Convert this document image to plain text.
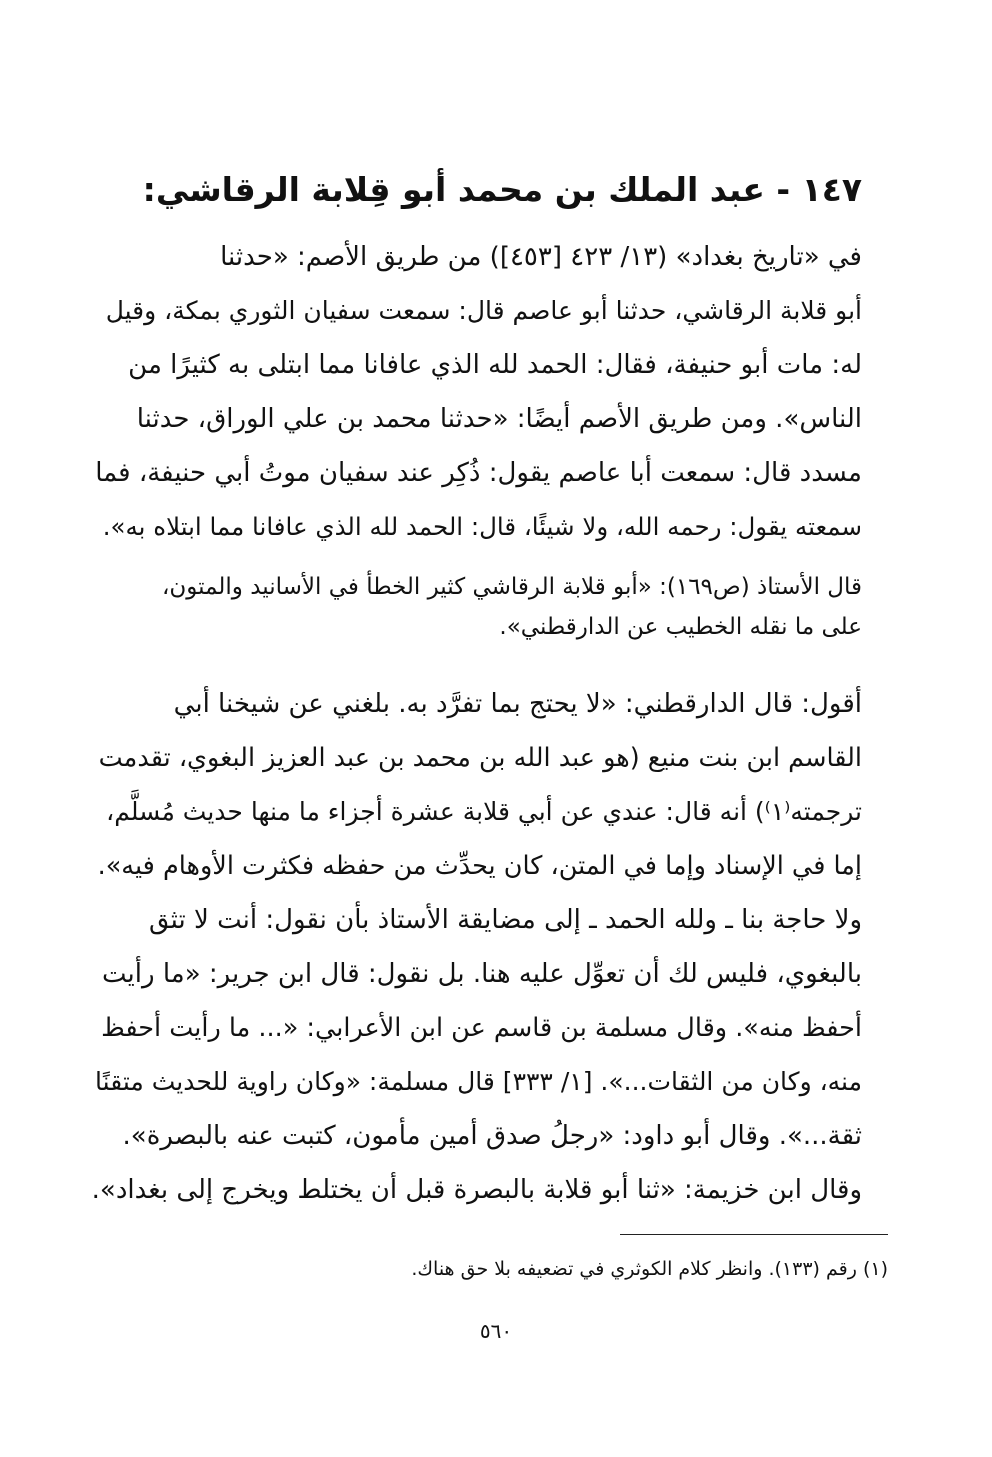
١٤٧ - عبد الملك بن محمد أبو قِلابة الرقاشي:
في «تاريخ بغداد» (١٣/ ٤٢٣ [٤٥٣]) من طريق الأصم: «حدثنا
أبو قلابة الرقاشي، حدثنا أبو عاصم قال: سمعت سفيان الثوري بمكة، وقيل
له: مات أبو حنيفة، فقال: الحمد لله الذي عافانا مما ابتلى به كثيرًا من
الناس». ومن طريق الأصم أيضًا: «حدثنا محمد بن علي الوراق، حدثنا
مسدد قال: سمعت أبا عاصم يقول: ذُكِر عند سفيان موتُ أبي حنيفة، فما
سمعته يقول: رحمه الله، ولا شيئًا، قال: الحمد لله الذي عافانا مما ابتلاه به».
قال الأستاذ (ص١٦٩): «أبو قلابة الرقاشي كثير الخطأ في الأسانيد والمتون،
على ما نقله الخطيب عن الدارقطني».
أقول: قال الدارقطني: «لا يحتج بما تفرَّد به. بلغني عن شيخنا أبي
القاسم ابن بنت منيع (هو عبد الله بن محمد بن عبد العزيز البغوي، تقدمت
ترجمته⁽١⁾) أنه قال: عندي عن أبي قلابة عشرة أجزاء ما منها حديث مُسلَّم،
إما في الإسناد وإما في المتن، كان يحدِّث من حفظه فكثرت الأوهام فيه».
ولا حاجة بنا ـ ولله الحمد ـ إلى مضايقة الأستاذ بأن نقول: أنت لا تثق
بالبغوي، فليس لك أن تعوِّل عليه هنا. بل نقول: قال ابن جرير: «ما رأيت
أحفظ منه». وقال مسلمة بن قاسم عن ابن الأعرابي: «... ما رأيت أحفظ
منه، وكان من الثقات...». [١/ ٣٣٣] قال مسلمة: «وكان راوية للحديث متقنًا
ثقة...». وقال أبو داود: «رجلُ صدق أمين مأمون، كتبت عنه بالبصرة».
وقال ابن خزيمة: «ثنا أبو قلابة بالبصرة قبل أن يختلط ويخرج إلى بغداد».
(١) رقم (١٣٣). وانظر كلام الكوثري في تضعيفه بلا حق هناك.
٥٦٠
